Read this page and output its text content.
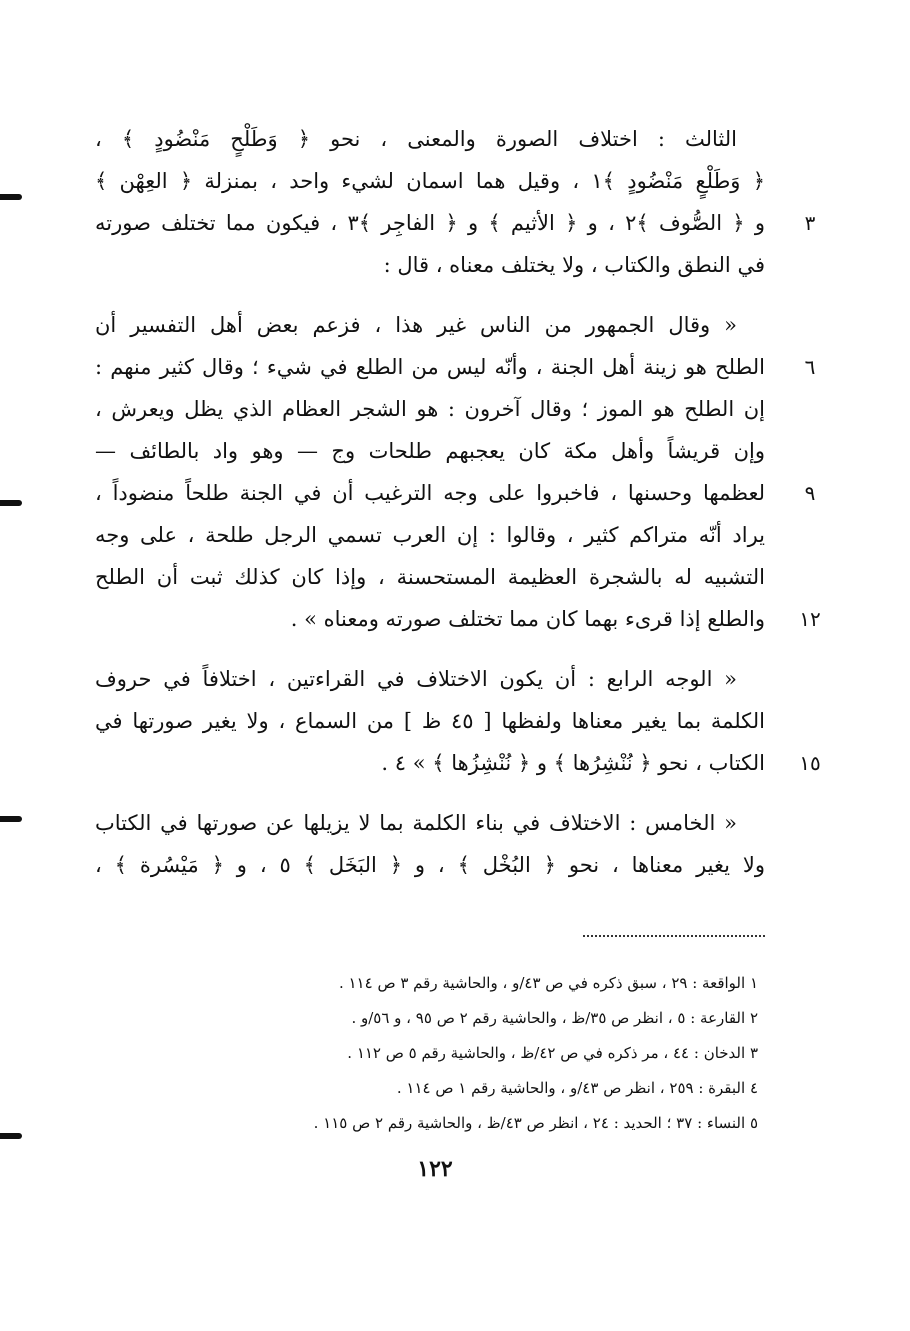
الثالث : اختلاف الصورة والمعنى ، نحو ﴿ وَطَلْحٍ مَنْضُودٍ ﴾ ،
﴿ وَطَلْعٍ مَنْضُودٍ ﴾١ ، وقيل هما اسمان لشيء واحد ، بمنزلة ﴿ العِهْن ﴾
و ﴿ الصُّوف ﴾٢ ، و ﴿ الأثيم ﴾ و ﴿ الفاجِر ﴾٣ ، فيكون مما تختلف صورته
في النطق والكتاب ، ولا يختلف معناه ، قال :
« وقال الجمهور من الناس غير هذا ، فزعم بعض أهل التفسير أن
الطلح هو زينة أهل الجنة ، وأنّه ليس من الطلع في شيء ؛ وقال كثير منهم :
إن الطلح هو الموز ؛ وقال آخرون : هو الشجر العظام الذي يظل ويعرش ،
وإن قريشاً وأهل مكة كان يعجبهم طلحات وج — وهو واد بالطائف —
لعظمها وحسنها ، فاخبروا على وجه الترغيب أن في الجنة طلحاً منضوداً ،
يراد أنّه متراكم كثير ، وقالوا : إن العرب تسمي الرجل طلحة ، على وجه
التشبيه له بالشجرة العظيمة المستحسنة ، وإذا كان كذلك ثبت أن الطلح
والطلع إذا قرىء بهما كان مما تختلف صورته ومعناه » .
« الوجه الرابع : أن يكون الاختلاف في القراءتين ، اختلافاً في حروف
الكلمة بما يغير معناها ولفظها [ ٤٥ ظ ] من السماع ، ولا يغير صورتها في
الكتاب ، نحو ﴿ نُنْشِرُها ﴾ و ﴿ نُنْشِزُها ﴾ » ٤ .
« الخامس : الاختلاف في بناء الكلمة بما لا يزيلها عن صورتها في الكتاب
ولا يغير معناها ، نحو ﴿ البُخْل ﴾ ، و ﴿ البَخَل ﴾ ٥ ، و ﴿ مَيْسُرة ﴾ ،
٣
٦
٩
١٢
١٥
١ الواقعة : ٢٩ ، سبق ذكره في ص ٤٣/و ، والحاشية رقم ٣ ص ١١٤ .
٢ القارعة : ٥ ، انظر ص ٣٥/ظ ، والحاشية رقم ٢ ص ٩٥ ، و ٥٦/و .
٣ الدخان : ٤٤ ، مر ذكره في ص ٤٢/ظ ، والحاشية رقم ٥ ص ١١٢ .
٤ البقرة : ٢٥٩ ، انظر ص ٤٣/و ، والحاشية رقم ١ ص ١١٤ .
٥ النساء : ٣٧ ؛ الحديد : ٢٤ ، انظر ص ٤٣/ظ ، والحاشية رقم ٢ ص ١١٥ .
١٢٢
